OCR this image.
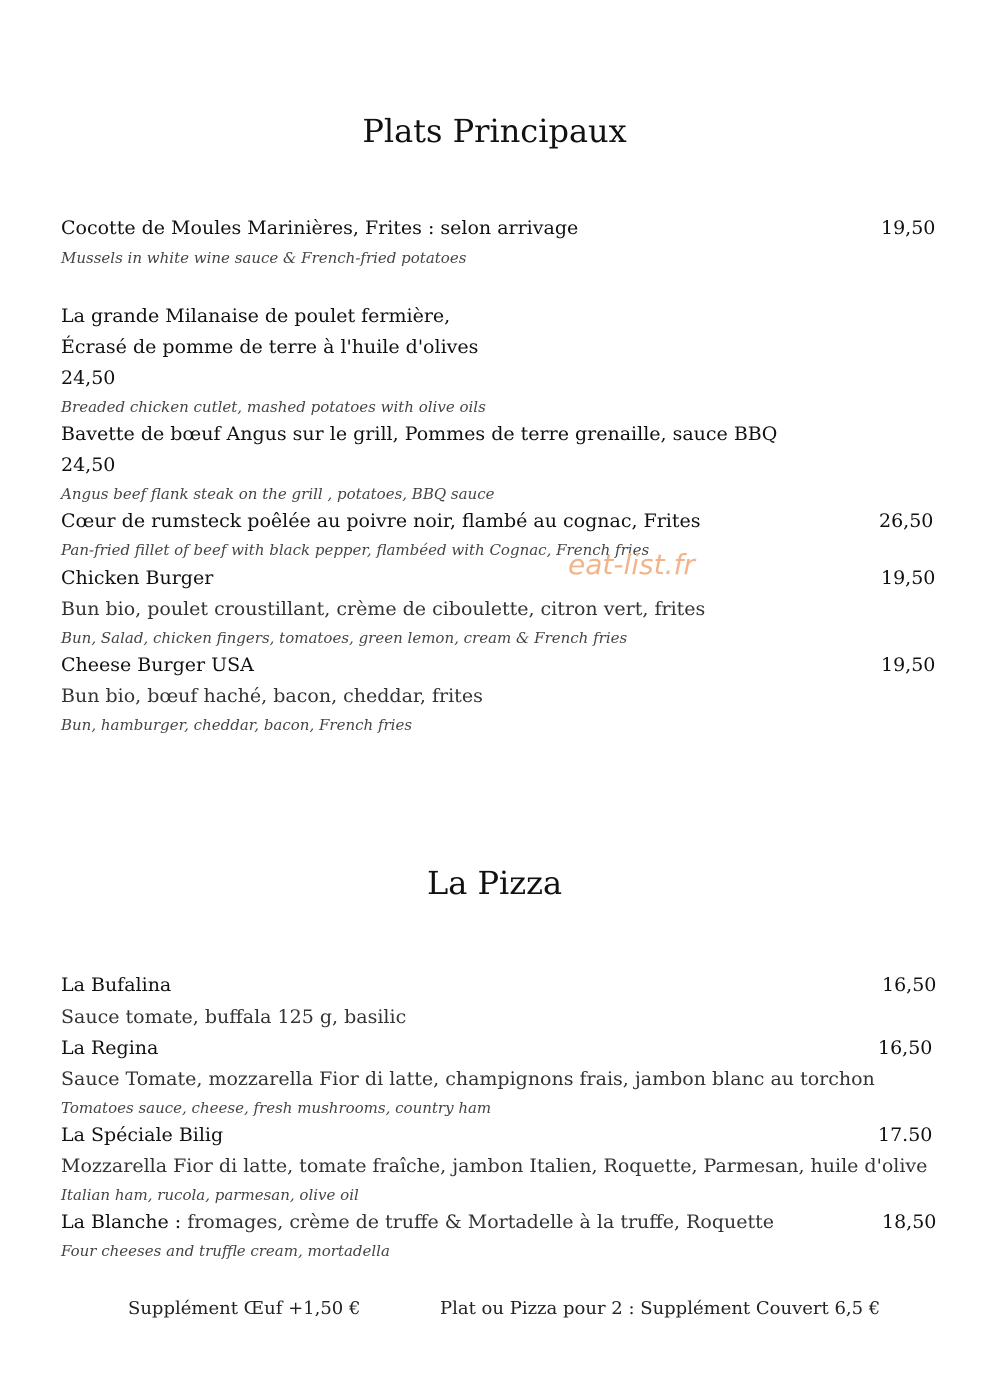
Plats Principaux
Cocotte de Moules Marinières, Frites : selon arrivage	19,50
Mussels in white wine sauce & French-fried potatoes
La grande Milanaise de poulet fermière,
Écrasé de pomme de terre à l'huile d'olives
24,50
Breaded chicken cutlet, mashed potatoes with olive oils
Bavette de bœuf Angus sur le grill, Pommes de terre grenaille, sauce BBQ
24,50
Angus beef flank steak on the grill , potatoes, BBQ sauce
Cœur de rumsteck poêlée au poivre noir, flambé au cognac, Frites	26,50
Pan-fried fillet of beef with black pepper, flambéed with Cognac, French fries
eat-list.fr
Chicken Burger	19,50
Bun bio, poulet croustillant, crème de ciboulette, citron vert, frites
Bun, Salad, chicken fingers, tomatoes, green lemon, cream & French fries
Cheese Burger USA	19,50
Bun bio, bœuf haché, bacon, cheddar, frites
Bun, hamburger, cheddar, bacon, French fries
La Pizza
La Bufalina	16,50
Sauce tomate, buffala 125 g, basilic
La Regina	16,50
Sauce Tomate, mozzarella Fior di latte, champignons frais, jambon blanc au torchon
Tomatoes sauce, cheese, fresh mushrooms, country ham
La Spéciale Bilig	17.50
Mozzarella Fior di latte, tomate fraîche, jambon Italien, Roquette, Parmesan, huile d'olive
Italian ham, rucola, parmesan, olive oil
La Blanche : fromages, crème de truffe & Mortadelle à la truffe, Roquette	18,50
Four cheeses and truffle cream, mortadella
Supplément Œuf +1,50 €	Plat ou Pizza pour 2 : Supplément Couvert 6,5 €
